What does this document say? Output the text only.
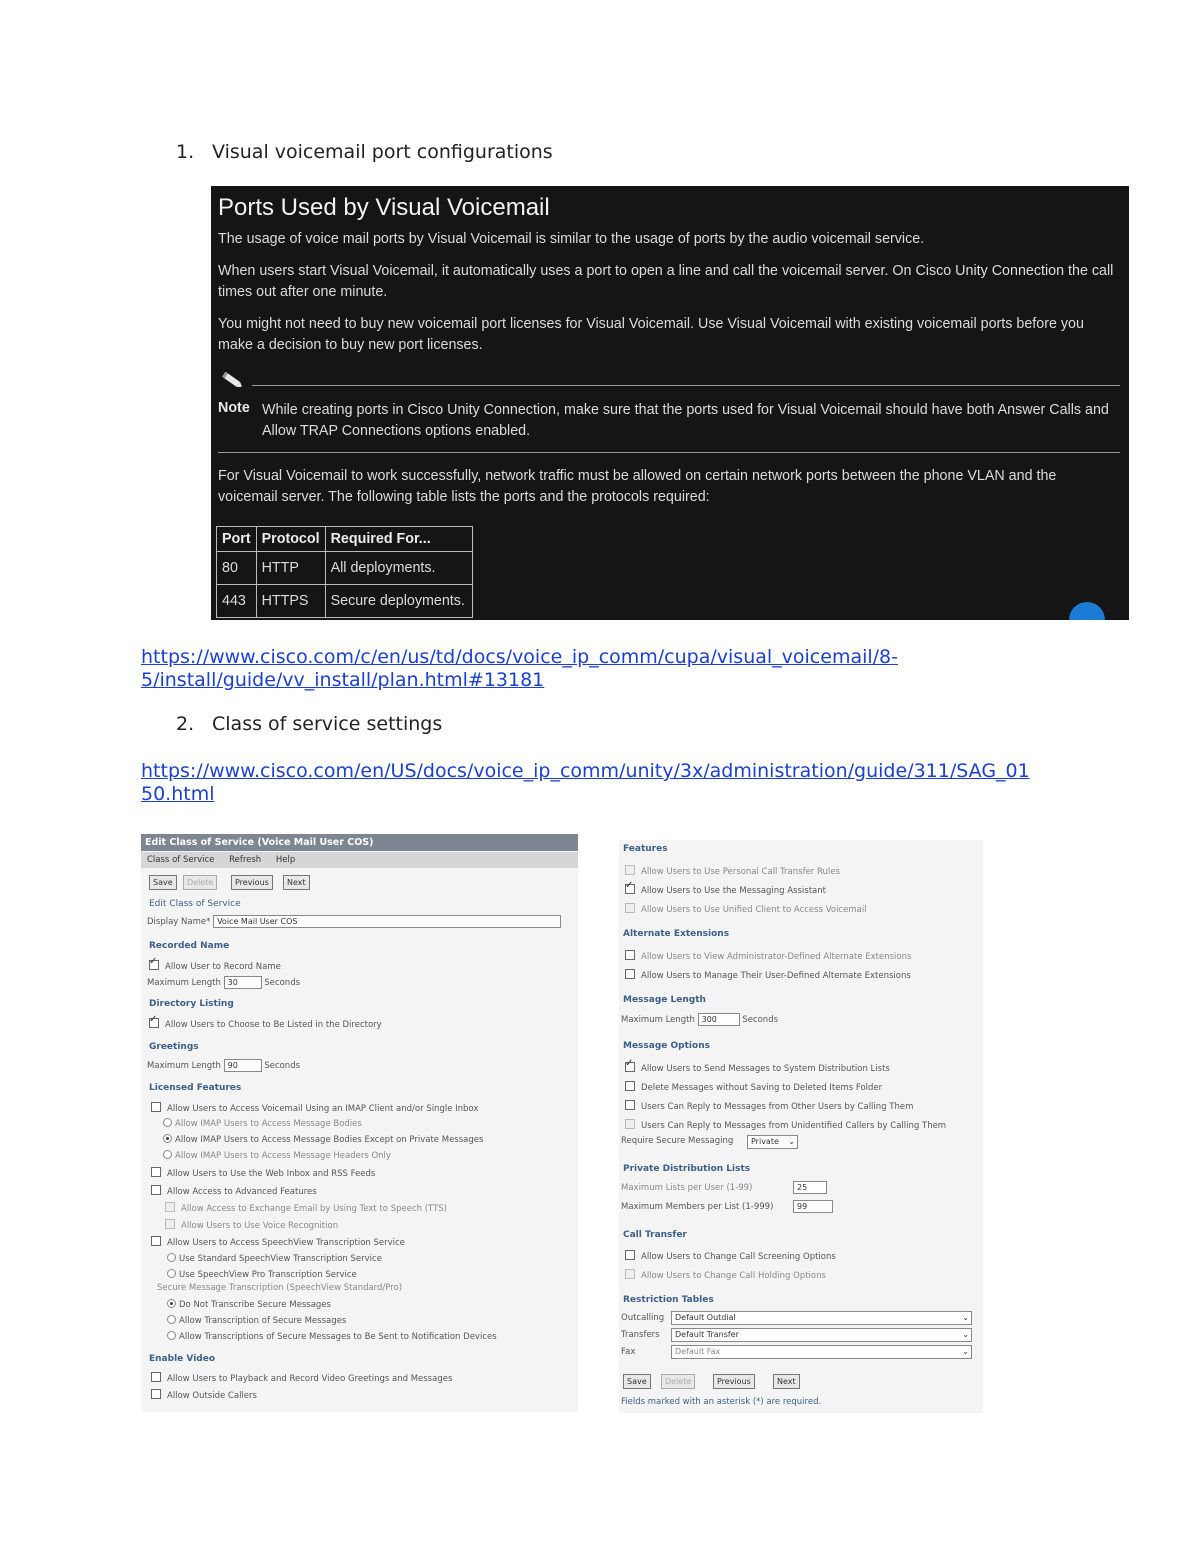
1. Visual voicemail port configurations
Ports Used by Visual Voicemail

The usage of voice mail ports by Visual Voicemail is similar to the usage of ports by the audio voicemail service.

When users start Visual Voicemail, it automatically uses a port to open a line and call the voicemail server. On Cisco Unity Connection the call times out after one minute.

You might not need to buy new voicemail port licenses for Visual Voicemail. Use Visual Voicemail with existing voicemail ports before you make a decision to buy new port licenses.

Note While creating ports in Cisco Unity Connection, make sure that the ports used for Visual Voicemail should have both Answer Calls and Allow TRAP Connections options enabled.

For Visual Voicemail to work successfully, network traffic must be allowed on certain network ports between the phone VLAN and the voicemail server. The following table lists the ports and the protocols required:

Port	Protocol	Required For...
80	HTTP	All deployments.
443	HTTPS	Secure deployments.
https://www.cisco.com/c/en/us/td/docs/voice_ip_comm/cupa/visual_voicemail/8-
5/install/guide/vv_install/plan.html#13181
2. Class of service settings
https://www.cisco.com/en/US/docs/voice_ip_comm/unity/3x/administration/guide/311/SAG_01
50.html
Edit Class of Service (Voice Mail User COS)
Class of Service Refresh Help
Save	Delete	Previous	Next
Edit Class of Service
Display Name* Voice Mail User COS
Recorded Name
✓Allow User to Record Name
Maximum Length 30	Seconds
Directory Listing
✓Allow Users to Choose to Be Listed in the Directory
Greetings
Maximum Length 90	Seconds
Licensed Features
Allow Users to Access Voicemail Using an IMAP Client and/or Single Inbox
Allow IMAP Users to Access Message Bodies
Allow IMAP Users to Access Message Bodies Except on Private Messages
Allow IMAP Users to Access Message Headers Only
Allow Users to Use the Web Inbox and RSS Feeds
Allow Access to Advanced Features
Allow Access to Exchange Email by Using Text to Speech (TTS)
Allow Users to Use Voice Recognition
Allow Users to Access SpeechView Transcription Service
Use Standard SpeechView Transcription Service
Use SpeechView Pro Transcription Service
Secure Message Transcription (SpeechView Standard/Pro)
Do Not Transcribe Secure Messages
Allow Transcription of Secure Messages
Allow Transcriptions of Secure Messages to Be Sent to Notification Devices
Enable Video
Allow Users to Playback and Record Video Greetings and Messages
Allow Outside Callers
Features
Allow Users to Use Personal Call Transfer Rules
✓Allow Users to Use the Messaging Assistant
Allow Users to Use Unified Client to Access Voicemail
Alternate Extensions
Allow Users to View Administrator-Defined Alternate Extensions
Allow Users to Manage Their User-Defined Alternate Extensions
Message Length
Maximum Length 300	Seconds
Message Options
✓Allow Users to Send Messages to System Distribution Lists
Delete Messages without Saving to Deleted Items Folder
Users Can Reply to Messages from Other Users by Calling Them
Users Can Reply to Messages from Unidentified Callers by Calling Them
Require Secure Messaging	Private ⌄
Private Distribution Lists
Maximum Lists per User (1-99)	25
Maximum Members per List (1-999)	99
Call Transfer
Allow Users to Change Call Screening Options
Allow Users to Change Call Holding Options
Restriction Tables
Outcalling	Default Outdial	⌄
Transfers	Default Transfer	⌄
Fax	Default Fax	⌄
Save	Delete	Previous	Next
Fields marked with an asterisk (*) are required.
